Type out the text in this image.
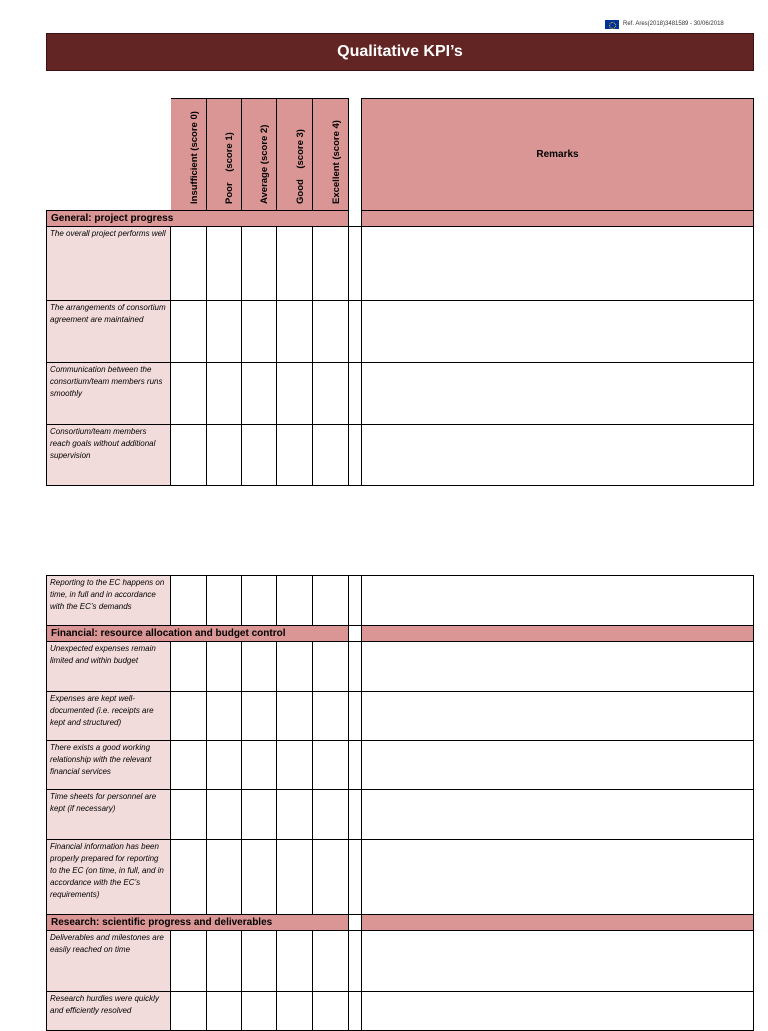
Ref. Ares(2018)3481589 - 30/06/2018
Qualitative KPI’s
Insufficient (score 0)	Poor    (score 1)	Average (score 2)	Good    (score 3)	Excellent (score 4)	Remarks
General: project progress
The overall project performs well
The arrangements of consortium agreement are maintained
Communication between the consortium/team members runs smoothly
Consortium/team members reach goals without additional supervision
Reporting to the EC happens on time, in full and in accordance with the EC’s demands
Financial: resource allocation and budget control
Unexpected expenses remain limited and within budget
Expenses are kept well-documented (i.e. receipts are kept and structured)
There exists a good working relationship with the relevant financial services
Time sheets for personnel are kept (if necessary)
Financial information has been properly prepared for reporting to the EC (on time, in full, and in accordance with the EC’s requirements)
Research: scientific progress and deliverables
Deliverables and milestones are easily reached on time
Research hurdles were quickly and efficiently resolved
